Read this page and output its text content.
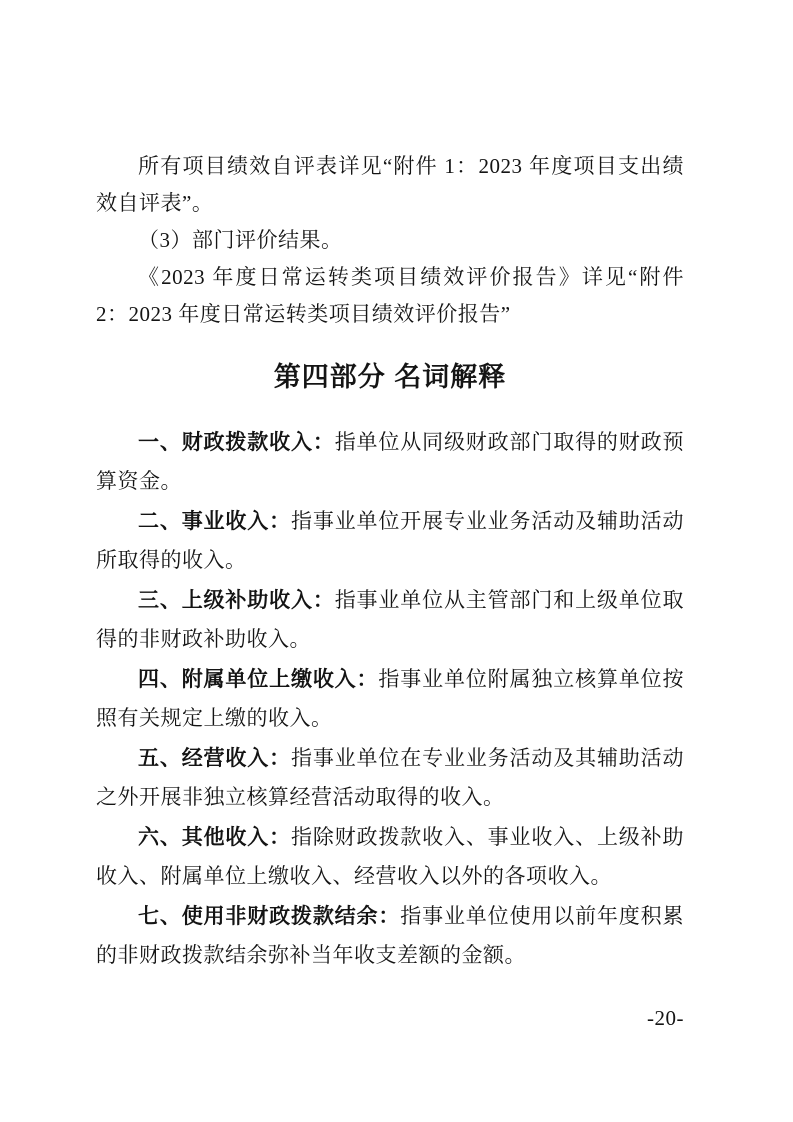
所有项目绩效自评表详见“附件 1：2023 年度项目支出绩效自评表”。

（3）部门评价结果。

《2023 年度日常运转类项目绩效评价报告》详见“附件 2：2023 年度日常运转类项目绩效评价报告”

第四部分 名词解释

一、财政拨款收入：指单位从同级财政部门取得的财政预算资金。

二、事业收入：指事业单位开展专业业务活动及辅助活动所取得的收入。

三、上级补助收入：指事业单位从主管部门和上级单位取得的非财政补助收入。

四、附属单位上缴收入：指事业单位附属独立核算单位按照有关规定上缴的收入。

五、经营收入：指事业单位在专业业务活动及其辅助活动之外开展非独立核算经营活动取得的收入。

六、其他收入：指除财政拨款收入、事业收入、上级补助收入、附属单位上缴收入、经营收入以外的各项收入。

七、使用非财政拨款结余：指事业单位使用以前年度积累的非财政拨款结余弥补当年收支差额的金额。

-20-
